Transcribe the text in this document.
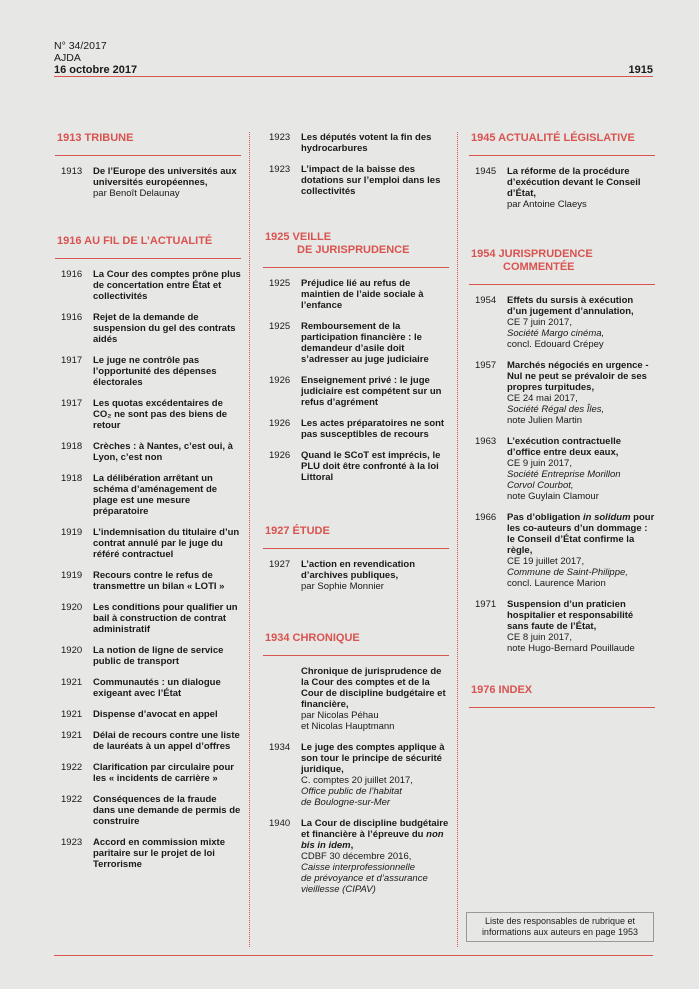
N° 34/2017
AJDA
16 octobre 2017	1915
1913 TRIBUNE
1913	De l’Europe des universités aux universités européennes,
par Benoît Delaunay
1916 AU FIL DE L’ACTUALITÉ
1916	La Cour des comptes prône plus de concertation entre État et collectivités
1916	Rejet de la demande de suspension du gel des contrats aidés
1917	Le juge ne contrôle pas l’opportunité des dépenses électorales
1917	Les quotas excédentaires de CO₂ ne sont pas des biens de retour
1918	Crèches : à Nantes, c’est oui, à Lyon, c’est non
1918	La délibération arrêtant un schéma d’aménagement de plage est une mesure préparatoire
1919	L’indemnisation du titulaire d’un contrat annulé par le juge du référé contractuel
1919	Recours contre le refus de transmettre un bilan « LOTI »
1920	Les conditions pour qualifier un bail à construction de contrat administratif
1920	La notion de ligne de service public de transport
1921	Communautés : un dialogue exigeant avec l’État
1921	Dispense d’avocat en appel
1921	Délai de recours contre une liste de lauréats à un appel d’offres
1922	Clarification par circulaire pour les « incidents de carrière »
1922	Conséquences de la fraude dans une demande de permis de construire
1923	Accord en commission mixte paritaire sur le projet de loi Terrorisme
1923	Les députés votent la fin des hydrocarbures
1923	L’impact de la baisse des dotations sur l’emploi dans les collectivités
1925 VEILLE
DE JURISPRUDENCE
1925	Préjudice lié au refus de maintien de l’aide sociale à l’enfance
1925	Remboursement de la participation financière : le demandeur d’asile doit s’adresser au juge judiciaire
1926	Enseignement privé : le juge judiciaire est compétent sur un refus d’agrément
1926	Les actes préparatoires ne sont pas susceptibles de recours
1926	Quand le SCoT est imprécis, le PLU doit être confronté à la loi Littoral
1927 ÉTUDE
1927	L’action en revendication d’archives publiques,
par Sophie Monnier
1934 CHRONIQUE
Chronique de jurisprudence de la Cour des comptes et de la Cour de discipline budgétaire et financière,
par Nicolas Péhau
et Nicolas Hauptmann
1934	Le juge des comptes applique à son tour le principe de sécurité juridique,
C. comptes 20 juillet 2017,
Office public de l’habitat
de Boulogne-sur-Mer
1940	La Cour de discipline budgétaire et financière à l’épreuve du non bis in idem,
CDBF 30 décembre 2016,
Caisse interprofessionnelle
de prévoyance et d’assurance
vieillesse (CIPAV)
1945 ACTUALITÉ LÉGISLATIVE
1945	La réforme de la procédure d’exécution devant le Conseil d’État,
par Antoine Claeys
1954 JURISPRUDENCE
COMMENTÉE
1954	Effets du sursis à exécution d’un jugement d’annulation,
CE 7 juin 2017,
Société Margo cinéma,
concl. Edouard Crépey
1957	Marchés négociés en urgence - Nul ne peut se prévaloir de ses propres turpitudes,
CE 24 mai 2017,
Société Régal des Îles,
note Julien Martin
1963	L’exécution contractuelle d’office entre deux eaux,
CE 9 juin 2017,
Société Entreprise Morillon
Corvol Courbot,
note Guylain Clamour
1966	Pas d’obligation in solidum pour les co-auteurs d’un dommage : le Conseil d’État confirme la règle,
CE 19 juillet 2017,
Commune de Saint-Philippe,
concl. Laurence Marion
1971	Suspension d’un praticien hospitalier et responsabilité sans faute de l’État,
CE 8 juin 2017,
note Hugo-Bernard Pouillaude
1976 INDEX
Liste des responsables de rubrique et informations aux auteurs en page 1953
